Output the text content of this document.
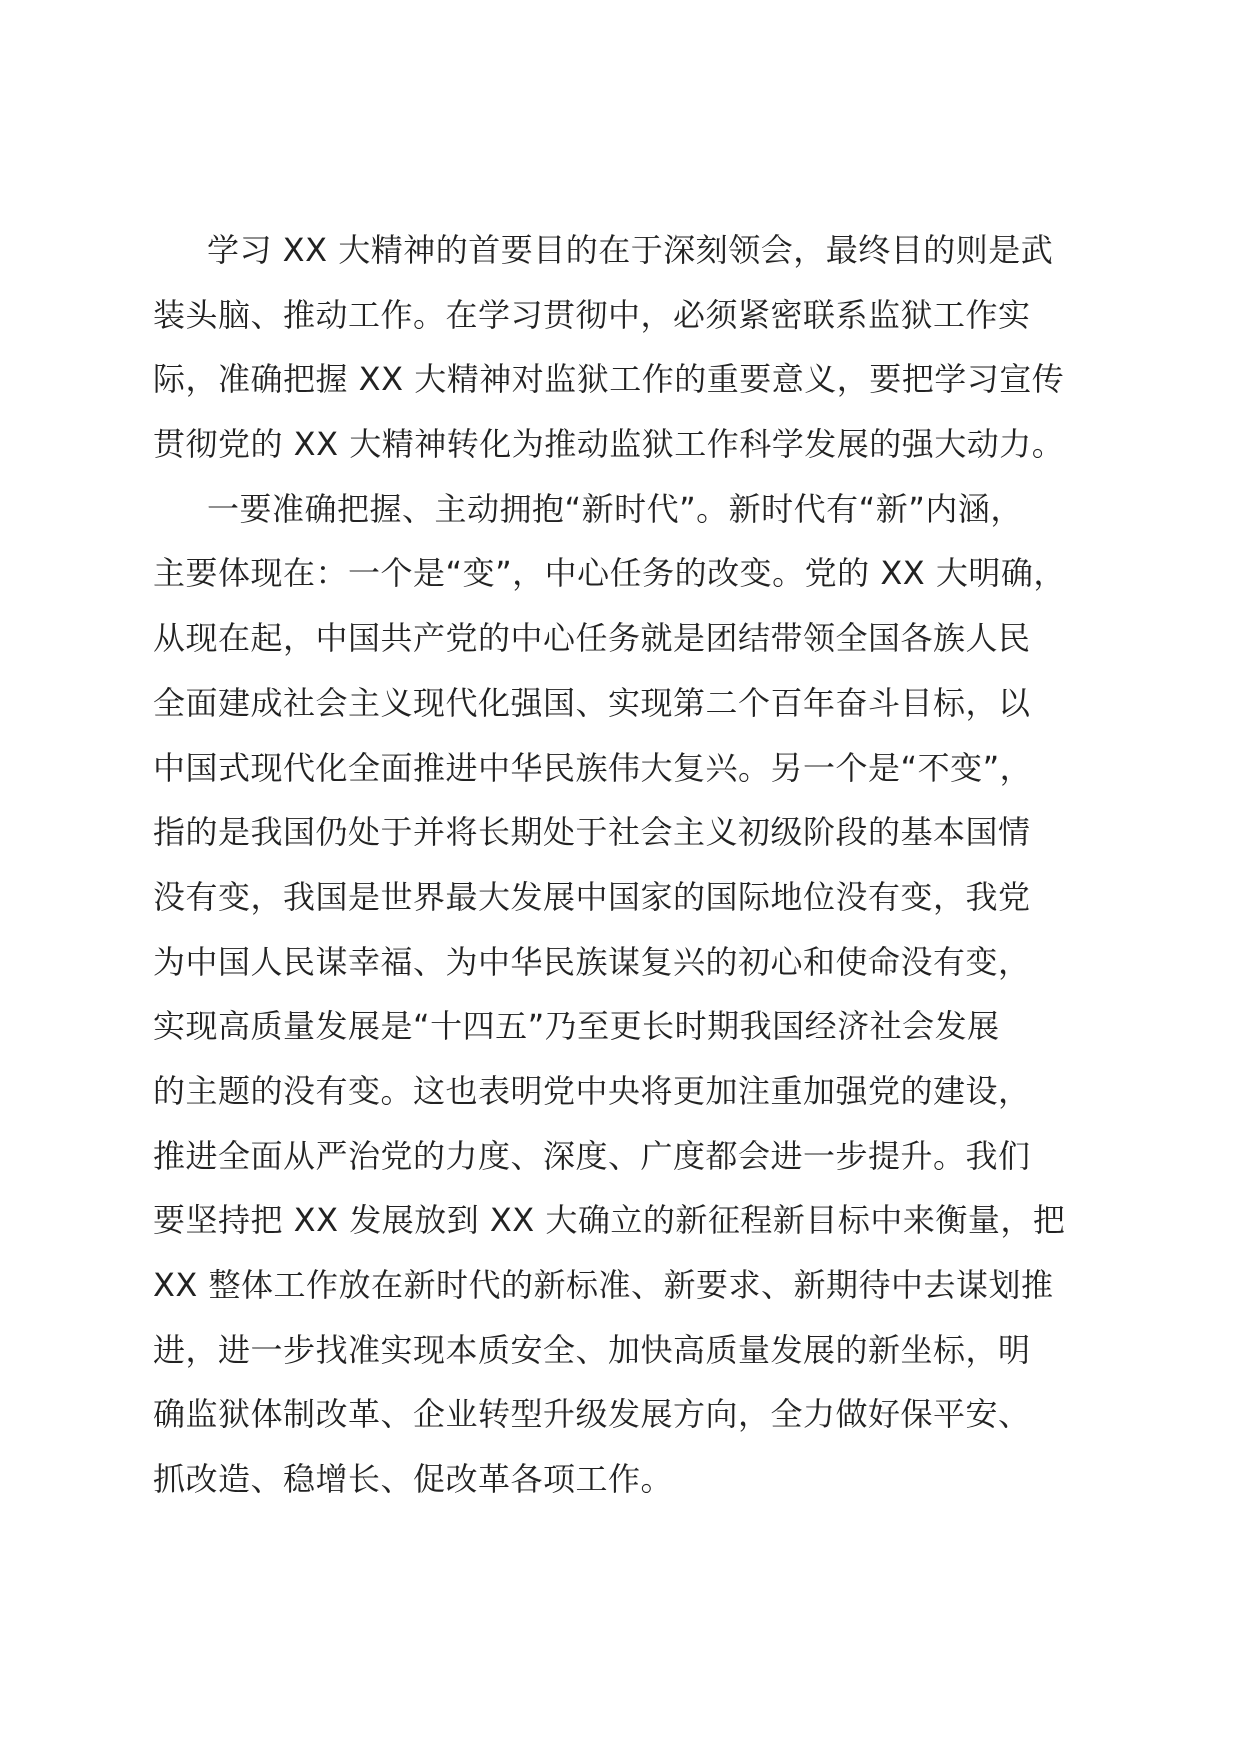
学习 XX 大精神的首要目的在于深刻领会，最终目的则是武
装头脑、推动工作。在学习贯彻中，必须紧密联系监狱工作实
际，准确把握 XX 大精神对监狱工作的重要意义，要把学习宣传
贯彻党的 XX 大精神转化为推动监狱工作科学发展的强大动力。
一要准确把握、主动拥抱“新时代”。新时代有“新”内涵，
主要体现在：一个是“变”，中心任务的改变。党的 XX 大明确，
从现在起，中国共产党的中心任务就是团结带领全国各族人民
全面建成社会主义现代化强国、实现第二个百年奋斗目标，以
中国式现代化全面推进中华民族伟大复兴。另一个是“不变”，
指的是我国仍处于并将长期处于社会主义初级阶段的基本国情
没有变，我国是世界最大发展中国家的国际地位没有变，我党
为中国人民谋幸福、为中华民族谋复兴的初心和使命没有变，
实现高质量发展是“十四五”乃至更长时期我国经济社会发展
的主题的没有变。这也表明党中央将更加注重加强党的建设，
推进全面从严治党的力度、深度、广度都会进一步提升。我们
要坚持把 XX 发展放到 XX 大确立的新征程新目标中来衡量，把
XX 整体工作放在新时代的新标准、新要求、新期待中去谋划推
进，进一步找准实现本质安全、加快高质量发展的新坐标，明
确监狱体制改革、企业转型升级发展方向，全力做好保平安、
抓改造、稳增长、促改革各项工作。
